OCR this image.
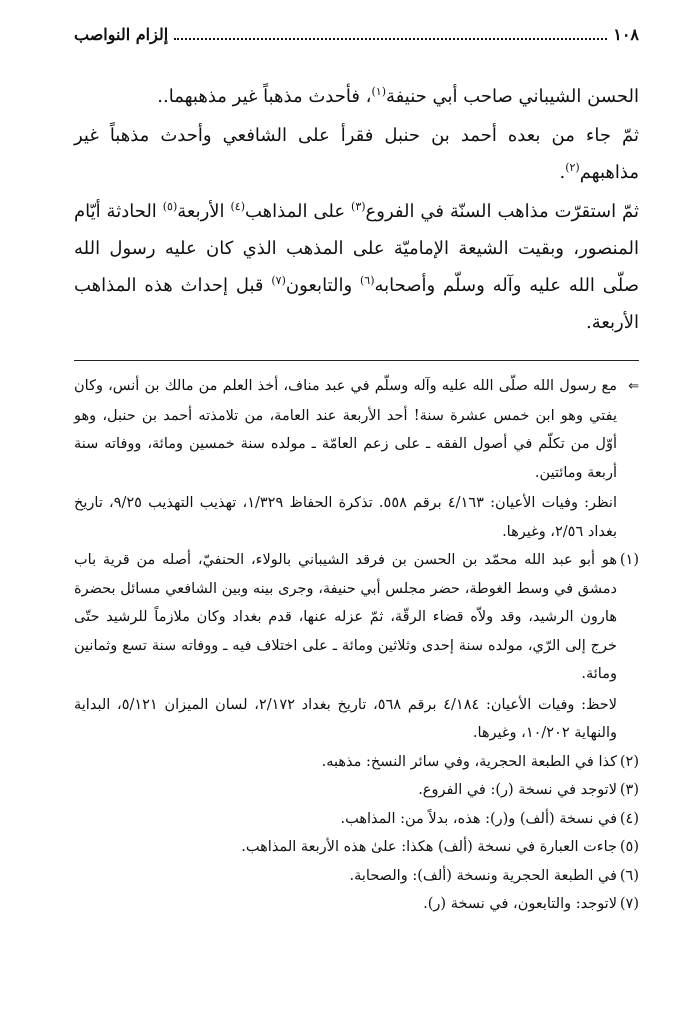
١٠٨
إلزام النواصب

الحسن الشيباني صاحب أبي حنيفة$^{(١)}$، فأحدث مذهباً غير مذهبهما..

ثمّ جاء من بعده أحمد بن حنبل فقرأ على الشافعي وأحدث مذهباً غير مذاهبهم$^{(٢)}$.

ثمّ استقرّت مذاهب السنّة في الفروع$^{(٣)}$ على المذاهب$^{(٤)}$ الأربعة$^{(٥)}$ الحادثة أيّام المنصور، وبقيت الشيعة الإماميّة على المذهب الذي كان عليه رسول الله صلّى الله عليه وآله وسلّم وأصحابه$^{(٦)}$ والتابعون$^{(٧)}$ قبل إحداث هذه المذاهب الأربعة.

⇐مع رسول الله صلّى الله عليه وآله وسلّم في عبد مناف، أخذ العلم من مالك بن أنس، وكان يفتي وهو ابن خمس عشرة سنة! أحد الأربعة عند العامة، من تلامذته أحمد بن حنبل، وهو أوّل من تكلّم في أصول الفقه ـ على زعم العامّة ـ مولده سنة خمسين ومائة، ووفاته سنة أربعة ومائتين.

انظر: وفيات الأعيان: ٤/١٦٣ برقم ٥٥٨. تذكرة الحفاظ ١/٣٢٩، تهذيب التهذيب ٩/٢٥، تاريخ بغداد ٢/٥٦، وغيرها.

(١)
هو أبو عبد الله محمّد بن الحسن بن فرقد الشيباني بالولاء، الحنفيّ، أصله من قرية باب دمشق في وسط الغوطة، حضر مجلس أبي حنيفة، وجرى بينه وبين الشافعي مسائل بحضرة هارون الرشيد، وقد ولاّه قضاء الرقّة، ثمّ عزله عنها، قدم بغداد وكان ملازماً للرشيد حتّى خرج إلى الرّي، مولده سنة إحدى وثلاثين ومائة ـ على اختلاف فيه ـ ووفاته سنة تسع وثمانين ومائة.

لاحظ: وفيات الأعيان: ٤/١٨٤ برقم ٥٦٨، تاريخ بغداد ٢/١٧٢، لسان الميزان ٥/١٢١، البداية والنهاية ١٠/٢٠٢، وغيرها.

(٢)
كذا في الطبعة الحجرية، وفي سائر النسخ: مذهبه.

(٣)
لاتوجد في نسخة (ر): في الفروع.

(٤)
في نسخة (ألف) و(ر): هذه، بدلاً من: المذاهب.

(٥)
جاءت العبارة في نسخة (ألف) هكذا: علىٰ هذه الأربعة المذاهب.

(٦)
في الطبعة الحجرية ونسخة (ألف): والصحابة.

(٧)
لاتوجد: والتابعون، في نسخة (ر).
